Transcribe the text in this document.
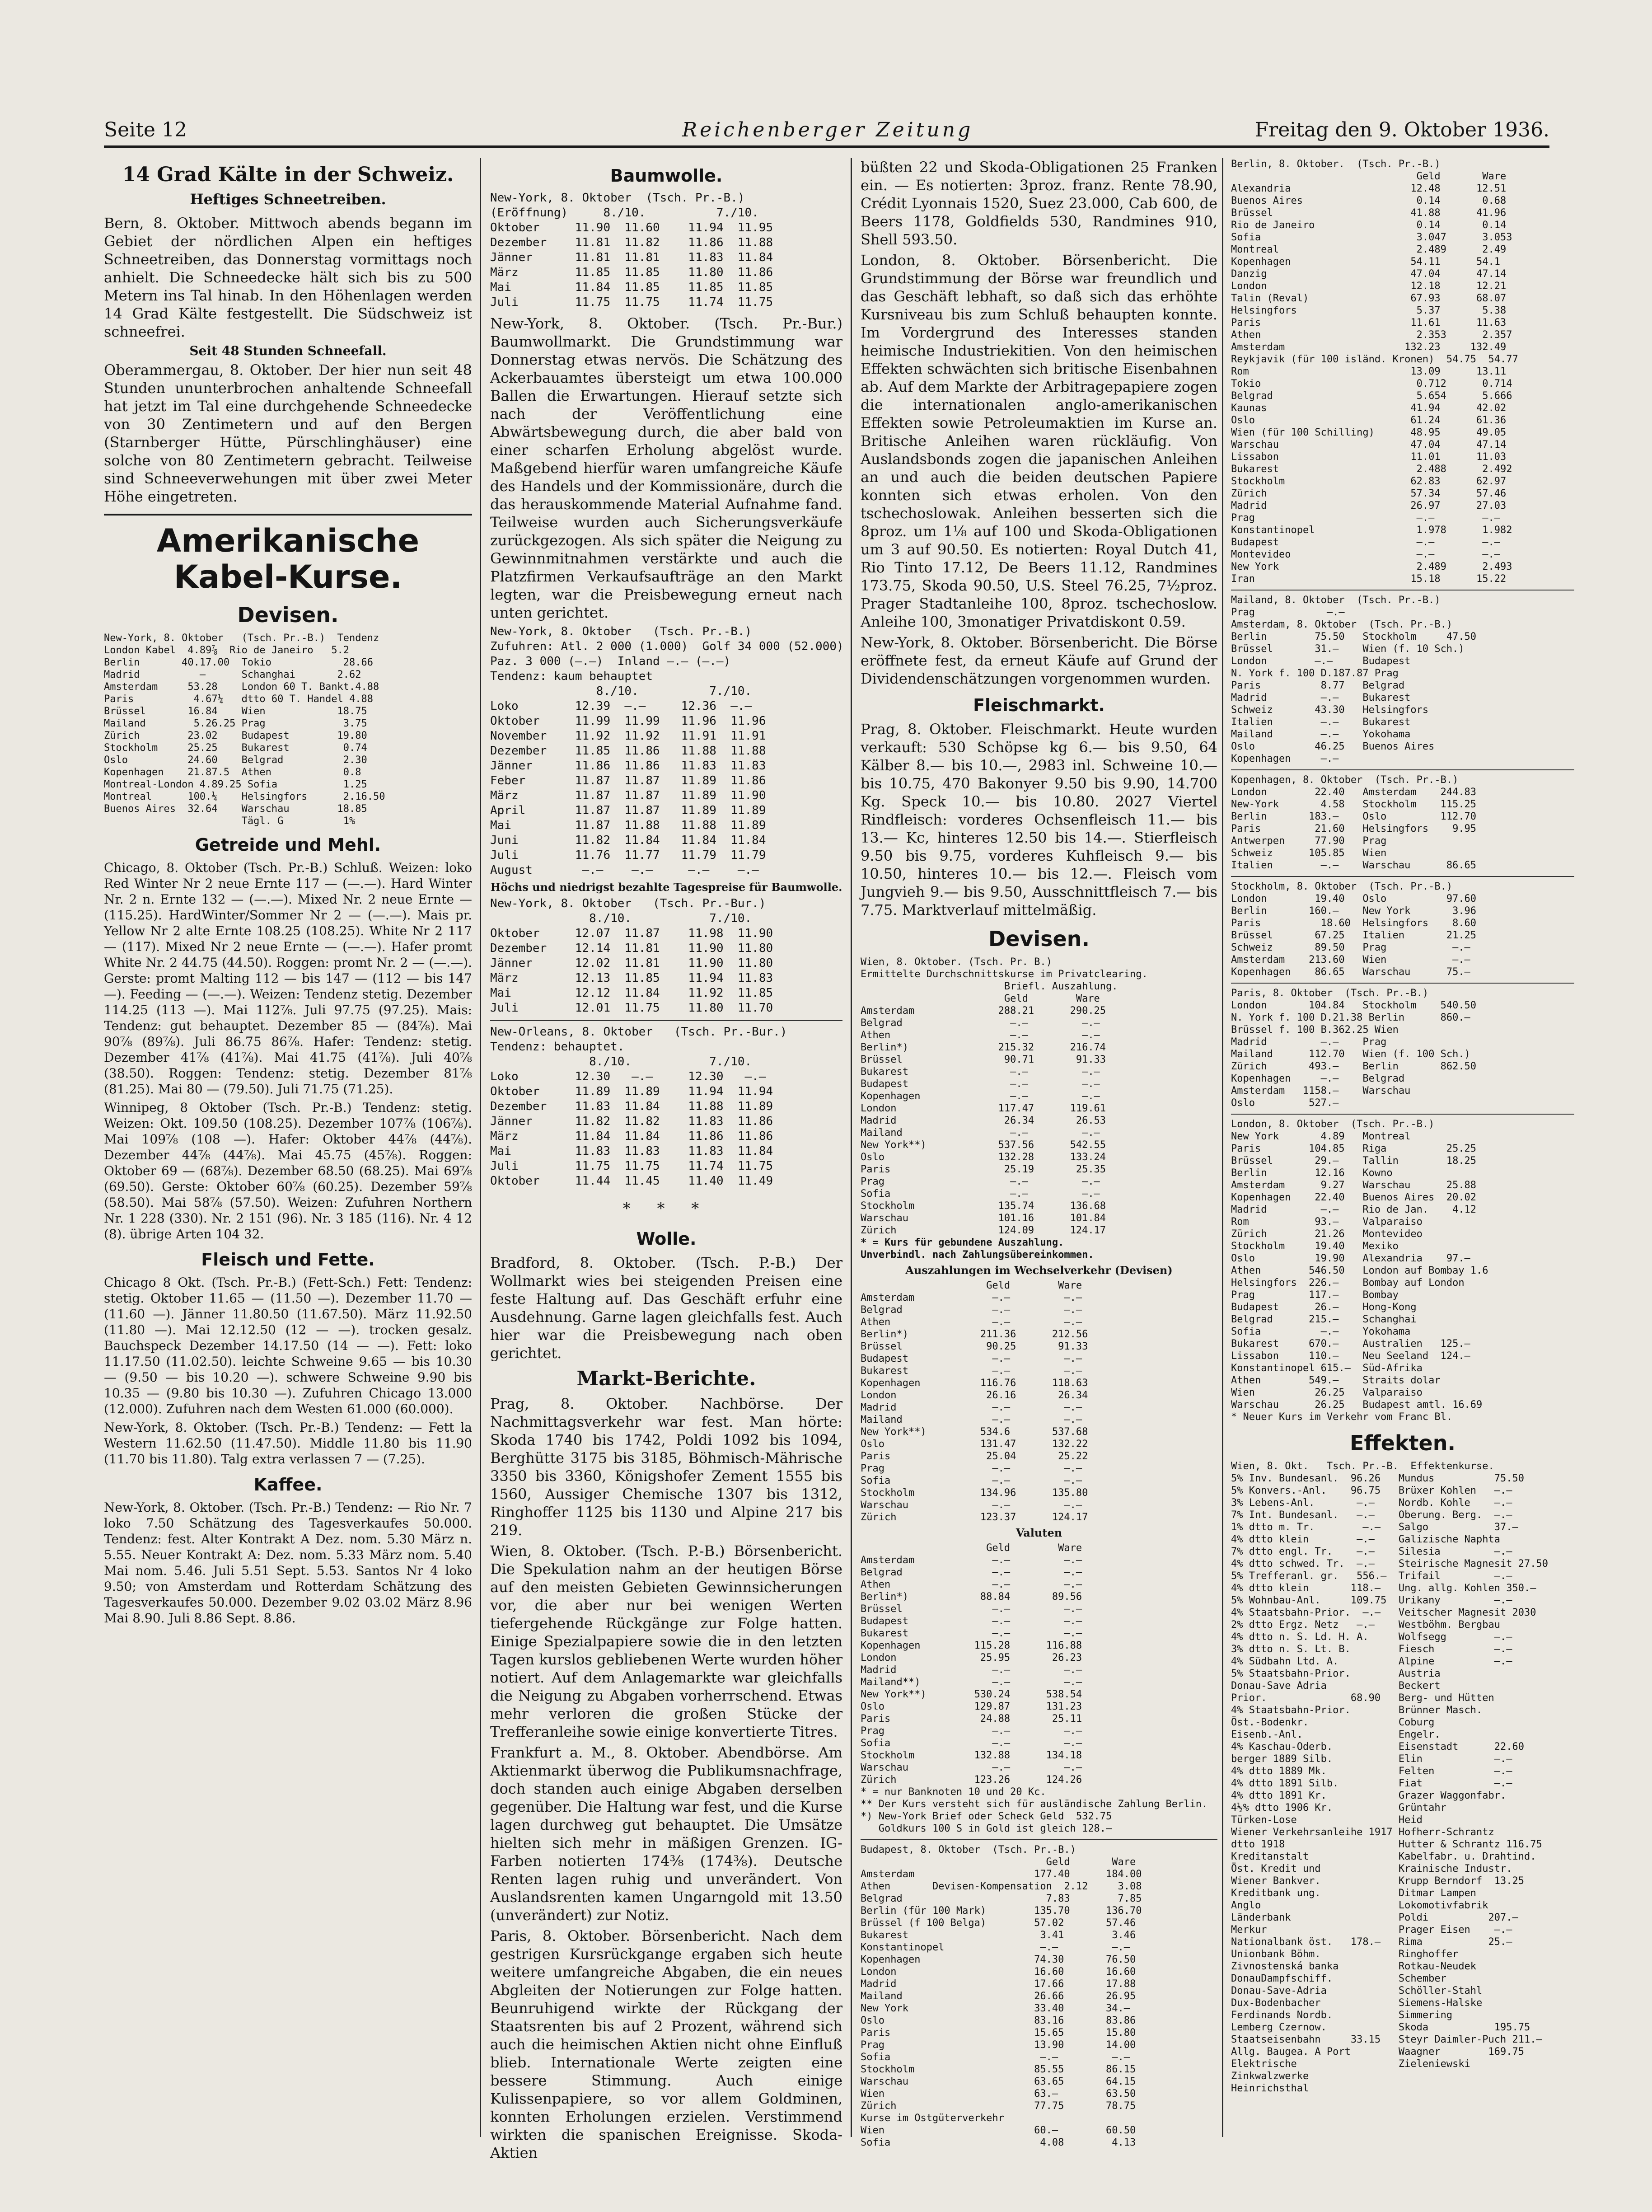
Seite 12	Reichenberger Zeitung	Freitag den 9. Oktober 1936.
14 Grad Kälte in der Schweiz.
Heftiges Schneetreiben.

Bern, 8. Oktober. Mittwoch abends begann im Gebiet der nördlichen Alpen ein heftiges Schneetreiben, das Donnerstag vormittags noch anhielt. Die Schneedecke hält sich bis zu 500 Metern ins Tal hinab. In den Höhenlagen werden 14 Grad Kälte festgestellt. Die Südschweiz ist schneefrei.

Seit 48 Stunden Schneefall.

Oberammergau, 8. Oktober. Der hier nun seit 48 Stunden ununterbrochen anhaltende Schneefall hat jetzt im Tal eine durchgehende Schneedecke von 30 Zentimetern und auf den Bergen (Starnberger Hütte, Pürschlinghäuser) eine solche von 80 Zentimetern gebracht. Teilweise sind Schneeverwehungen mit über zwei Meter Höhe eingetreten.

Amerikanische Kabel-Kurse.
Devisen.
New-York, 8. Oktober   (Tsch. Pr.-B.)  Tendenz
London Kabel  4.89⅞  Rio de Janeiro   5.2
Berlin       40.17.00  Tokio            28.66
Madrid          —      Schanghai       2.62
Amsterdam     53.28    London 60 T. Bankt.4.88
Paris          4.67¼   dtto 60 T. Handel 4.88
Brüssel       16.84    Wien            18.75
Mailand        5.26.25 Prag             3.75
Zürich        23.02    Budapest        19.80
Stockholm     25.25    Bukarest         0.74
Oslo          24.60    Belgrad          2.30
Kopenhagen    21.87.5  Athen            0.8
Montreal-London 4.89.25 Sofia           1.25
Montreal      100.¼    Helsingfors      2.16.50
Buenos Aires  32.64    Warschau        18.85
Tägl. G          1%
Getreide und Mehl.

Chicago, 8. Oktober (Tsch. Pr.-B.) Schluß. Weizen: loko Red Winter Nr 2 neue Ernte 117 — (—.—). Hard Winter Nr. 2 n. Ernte 132 — (—.—). Mixed Nr. 2 neue Ernte — (115.25). HardWinter/Sommer Nr 2 — (—.—). Mais pr. Yellow Nr 2 alte Ernte 108.25 (108.25). White Nr 2 117 — (117). Mixed Nr 2 neue Ernte — (—.—). Hafer promt White Nr. 2 44.75 (44.50). Roggen: promt Nr. 2 — (—.—). Gerste: promt Malting 112 — bis 147 — (112 — bis 147 —). Feeding — (—.—). Weizen: Tendenz stetig. Dezember 114.25 (113 —). Mai 112⅞. Juli 97.75 (97.25). Mais: Tendenz: gut behauptet. Dezember 85 — (84⅞). Mai 90⅞ (89⅞). Juli 86.75 86⅞. Hafer: Tendenz: stetig. Dezember 41⅞ (41⅞). Mai 41.75 (41⅞). Juli 40⅞ (38.50). Roggen: Tendenz: stetig. Dezember 81⅞ (81.25). Mai 80 — (79.50). Juli 71.75 (71.25).

Winnipeg, 8 Oktober (Tsch. Pr.-B.) Tendenz: stetig. Weizen: Okt. 109.50 (108.25). Dezember 107⅞ (106⅞). Mai 109⅞ (108 —). Hafer: Oktober 44⅞ (44⅞). Dezember 44⅞ (44⅞). Mai 45.75 (45⅞). Roggen: Oktober 69 — (68⅞). Dezember 68.50 (68.25). Mai 69⅞ (69.50). Gerste: Oktober 60⅞ (60.25). Dezember 59⅞ (58.50). Mai 58⅞ (57.50). Weizen: Zufuhren Northern Nr. 1 228 (330). Nr. 2 151 (96). Nr. 3 185 (116). Nr. 4 12 (8). übrige Arten 104 32.

Fleisch und Fette.

Chicago 8 Okt. (Tsch. Pr.-B.) (Fett-Sch.) Fett: Tendenz: stetig. Oktober 11.65 — (11.50 —). Dezember 11.70 — (11.60 —). Jänner 11.80.50 (11.67.50). März 11.92.50 (11.80 —). Mai 12.12.50 (12 — —). trocken gesalz. Bauchspeck Dezember 14.17.50 (14 — —). Fett: loko 11.17.50 (11.02.50). leichte Schweine 9.65 — bis 10.30 — (9.50 — bis 10.20 —). schwere Schweine 9.90 bis 10.35 — (9.80 bis 10.30 —). Zufuhren Chicago 13.000 (12.000). Zufuhren nach dem Westen 61.000 (60.000).

New-York, 8. Oktober. (Tsch. Pr.-B.) Tendenz: — Fett la Western 11.62.50 (11.47.50). Middle 11.80 bis 11.90 (11.70 bis 11.80). Talg extra verlassen 7 — (7.25).

Kaffee.

New-York, 8. Oktober. (Tsch. Pr.-B.) Tendenz: — Rio Nr. 7 loko 7.50 Schätzung des Tagesverkaufes 50.000. Tendenz: fest. Alter Kontrakt A Dez. nom. 5.30 März n. 5.55. Neuer Kontrakt A: Dez. nom. 5.33 März nom. 5.40 Mai nom. 5.46. Juli 5.51 Sept. 5.53. Santos Nr 4 loko 9.50; von Amsterdam und Rotterdam Schätzung des Tagesverkaufes 50.000. Dezember 9.02 03.02 März 8.96 Mai 8.90. Juli 8.86 Sept. 8.86.

Baumwolle.
New-York, 8. Oktober  (Tsch. Pr.-B.)
(Eröffnung)     8./10.          7./10.
Oktober     11.90  11.60    11.94  11.95
Dezember    11.81  11.82    11.86  11.88
Jänner      11.81  11.81    11.83  11.84
März        11.85  11.85    11.80  11.86
Mai         11.84  11.85    11.85  11.85
Juli        11.75  11.75    11.74  11.75

New-York, 8. Oktober. (Tsch. Pr.-Bur.) Baumwollmarkt. Die Grundstimmung war Donnerstag etwas nervös. Die Schätzung des Ackerbauamtes übersteigt um etwa 100.000 Ballen die Erwartungen. Hierauf setzte sich nach der Veröffentlichung eine Abwärtsbewegung durch, die aber bald von einer scharfen Erholung abgelöst wurde. Maßgebend hierfür waren umfangreiche Käufe des Handels und der Kommissionäre, durch die das herauskommende Material Aufnahme fand. Teilweise wurden auch Sicherungsverkäufe zurückgezogen. Als sich später die Neigung zu Gewinnmitnahmen verstärkte und auch die Platzfirmen Verkaufsaufträge an den Markt legten, war die Preisbewegung erneut nach unten gerichtet.

New-York, 8. Oktober   (Tsch. Pr.-B.)
Zufuhren: Atl. 2 000 (1.000)  Golf 34 000 (52.000)
Paz. 3 000 (—.—)  Inland —.— (—.—)
Tendenz: kaum behauptet
8./10.          7./10.
Loko        12.39  —.—     12.36  —.—
Oktober     11.99  11.99   11.96  11.96
November    11.92  11.92   11.91  11.91
Dezember    11.85  11.86   11.88  11.88
Jänner      11.86  11.86   11.83  11.83
Feber       11.87  11.87   11.89  11.86
März        11.87  11.87   11.89  11.90
April       11.87  11.87   11.89  11.89
Mai         11.87  11.88   11.88  11.89
Juni        11.82  11.84   11.84  11.84
Juli        11.76  11.77   11.79  11.79
August       —.—    —.—     —.—    —.—
Höchs und niedrigst bezahlte Tagespreise für Baumwolle.
New-York, 8. Oktober   (Tsch. Pr.-Bur.)
8./10.           7./10.
Oktober     12.07  11.87    11.98  11.90
Dezember    12.14  11.81    11.90  11.80
Jänner      12.02  11.81    11.90  11.80
März        12.13  11.85    11.94  11.83
Mai         12.12  11.84    11.92  11.85
Juli        12.01  11.75    11.80  11.70
New-Orleans, 8. Oktober   (Tsch. Pr.-Bur.)
Tendenz: behauptet.
8./10.           7./10.
Loko        12.30   —.—     12.30   —.—
Oktober     11.89  11.89    11.94  11.94
Dezember    11.83  11.84    11.88  11.89
Jänner      11.82  11.82    11.83  11.86
März        11.84  11.84    11.86  11.86
Mai         11.83  11.83    11.83  11.84
Juli        11.75  11.75    11.74  11.75
Oktober     11.44  11.45    11.40  11.49
* * *
Wolle.

Bradford, 8. Oktober. (Tsch. P.-B.) Der Wollmarkt wies bei steigenden Preisen eine feste Haltung auf. Das Geschäft erfuhr eine Ausdehnung. Garne lagen gleichfalls fest. Auch hier war die Preisbewegung nach oben gerichtet.

Markt-Berichte.

Prag, 8. Oktober. Nachbörse. Der Nachmittagsverkehr war fest. Man hörte: Skoda 1740 bis 1742, Poldi 1092 bis 1094, Berghütte 3175 bis 3185, Böhmisch-Mährische 3350 bis 3360, Königshofer Zement 1555 bis 1560, Aussiger Chemische 1307 bis 1312, Ringhoffer 1125 bis 1130 und Alpine 217 bis 219.

Wien, 8. Oktober. (Tsch. P.-B.) Börsenbericht. Die Spekulation nahm an der heutigen Börse auf den meisten Gebieten Gewinnsicherungen vor, die aber nur bei wenigen Werten tiefergehende Rückgänge zur Folge hatten. Einige Spezialpapiere sowie die in den letzten Tagen kurslos gebliebenen Werte wurden höher notiert. Auf dem Anlagemarkte war gleichfalls die Neigung zu Abgaben vorherrschend. Etwas mehr verloren die großen Stücke der Trefferanleihe sowie einige konvertierte Titres.

Frankfurt a. M., 8. Oktober. Abendbörse. Am Aktienmarkt überwog die Publikumsnachfrage, doch standen auch einige Abgaben derselben gegenüber. Die Haltung war fest, und die Kurse lagen durchweg gut behauptet. Die Umsätze hielten sich mehr in mäßigen Grenzen. IG-Farben notierten 174⅜ (174⅜). Deutsche Renten lagen ruhig und unverändert. Von Auslandsrenten kamen Ungarngold mit 13.50 (unverändert) zur Notiz.

Paris, 8. Oktober. Börsenbericht. Nach dem gestrigen Kursrückgange ergaben sich heute weitere umfangreiche Abgaben, die ein neues Abgleiten der Notierungen zur Folge hatten. Beunruhigend wirkte der Rückgang der Staatsrenten bis auf 2 Prozent, während sich auch die heimischen Aktien nicht ohne Einfluß blieb. Internationale Werte zeigten eine bessere Stimmung. Auch einige Kulissenpapiere, so vor allem Goldminen, konnten Erholungen erzielen. Verstimmend wirkten die spanischen Ereignisse. Skoda-Aktien

büßten 22 und Skoda-Obligationen 25 Franken ein. — Es notierten: 3proz. franz. Rente 78.90, Crédit Lyonnais 1520, Suez 23.000, Cab 600, de Beers 1178, Goldfields 530, Randmines 910, Shell 593.50.

London, 8. Oktober. Börsenbericht. Die Grundstimmung der Börse war freundlich und das Geschäft lebhaft, so daß sich das erhöhte Kursniveau bis zum Schluß behaupten konnte. Im Vordergrund des Interesses standen heimische Industriekitien. Von den heimischen Effekten schwächten sich britische Eisenbahnen ab. Auf dem Markte der Arbitragepapiere zogen die internationalen anglo-amerikanischen Effekten sowie Petroleumaktien im Kurse an. Britische Anleihen waren rückläufig. Von Auslandsbonds zogen die japanischen Anleihen an und auch die beiden deutschen Papiere konnten sich etwas erholen. Von den tschechoslowak. Anleihen besserten sich die 8proz. um 1⅛ auf 100 und Skoda-Obligationen um 3 auf 90.50. Es notierten: Royal Dutch 41, Rio Tinto 17.12, De Beers 11.12, Randmines 173.75, Skoda 90.50, U.S. Steel 76.25, 7½proz. Prager Stadtanleihe 100, 8proz. tschechoslow. Anleihe 100, 3monatiger Privatdiskont 0.59.

New-York, 8. Oktober. Börsenbericht. Die Börse eröffnete fest, da erneut Käufe auf Grund der Dividendenschätzungen vorgenommen wurden.

Fleischmarkt.

Prag, 8. Oktober. Fleischmarkt. Heute wurden verkauft: 530 Schöpse kg 6.— bis 9.50, 64 Kälber 8.— bis 10.—, 2983 inl. Schweine 10.— bis 10.75, 470 Bakonyer 9.50 bis 9.90, 14.700 Kg. Speck 10.— bis 10.80. 2027 Viertel Rindfleisch: vorderes Ochsenfleisch 11.— bis 13.— Kc, hinteres 12.50 bis 14.—. Stierfleisch 9.50 bis 9.75, vorderes Kuhfleisch 9.— bis 10.50, hinteres 10.— bis 12.—. Fleisch vom Jungvieh 9.— bis 9.50, Ausschnittfleisch 7.— bis 7.75. Marktverlauf mittelmäßig.

Devisen.
Wien, 8. Oktober. (Tsch. Pr. B.)
Ermittelte Durchschnittskurse im Privatclearing.
Briefl. Auszahlung.
Geld        Ware
Amsterdam              288.21      290.25
Belgrad                  —.—         —.—
Athen                    —.—         —.—
Berlin*)               215.32      216.74
Brüssel                 90.71       91.33
Bukarest                 —.—         —.—
Budapest                 —.—         —.—
Kopenhagen               —.—         —.—
London                 117.47      119.61
Madrid                  26.34       26.53
Mailand                  —.—         —.—
New York**)            537.56      542.55
Oslo                   132.28      133.24
Paris                   25.19       25.35
Prag                     —.—         —.—
Sofia                    —.—         —.—
Stockholm              135.74      136.68
Warschau               101.16      101.84
Zürich                 124.09      124.17
* = Kurs für gebundene Auszahlung.
Unverbindl. nach Zahlungsübereinkommen.
Auszahlungen im Wechselverkehr (Devisen)
Geld        Ware
Amsterdam             —.—         —.—
Belgrad               —.—         —.—
Athen                 —.—         —.—
Berlin*)            211.36      212.56
Brüssel              90.25       91.33
Budapest              —.—         —.—
Bukarest              —.—         —.—
Kopenhagen          116.76      118.63
London               26.16       26.34
Madrid                —.—         —.—
Mailand               —.—         —.—
New York**)         534.6       537.68
Oslo                131.47      132.22
Paris                25.04       25.22
Prag                  —.—         —.—
Sofia                 —.—         —.—
Stockholm           134.96      135.80
Warschau              —.—         —.—
Zürich              123.37      124.17
Valuten
Geld        Ware
Amsterdam             —.—         —.—
Belgrad               —.—         —.—
Athen                 —.—         —.—
Berlin*)            88.84       89.56
Brüssel               —.—         —.—
Budapest              —.—         —.—
Bukarest              —.—         —.—
Kopenhagen         115.28      116.88
London              25.95       26.23
Madrid                —.—         —.—
Mailand**)            —.—         —.—
New York**)        530.24      538.54
Oslo               129.87      131.23
Paris               24.88       25.11
Prag                  —.—         —.—
Sofia                 —.—         —.—
Stockholm          132.88      134.18
Warschau              —.—         —.—
Zürich             123.26      124.26
* = nur Banknoten 10 und 20 Kc.
** Der Kurs versteht sich für ausländische Zahlung Berlin.
*) New-York Brief oder Scheck Geld  532.75
Goldkurs 100 S in Gold ist gleich 128.—
Budapest, 8. Oktober  (Tsch. Pr.-B.)
Geld       Ware
Amsterdam                    177.40      184.00
Athen       Devisen-Kompensation  2.12     3.08
Belgrad                        7.83        7.85
Berlin (für 100 Mark)        135.70      136.70
Brüssel (f 100 Belga)        57.02       57.46
Bukarest                      3.41        3.46
Konstantinopel                —.—         —.—
Kopenhagen                   74.30       76.50
London                       16.60       16.60
Madrid                       17.66       17.88
Mailand                      26.66       26.95
New York                     33.40       34.—
Oslo                         83.16       83.86
Paris                        15.65       15.80
Prag                         13.90       14.00
Sofia                         —.—         —.—
Stockholm                    85.55       86.15
Warschau                     63.65       64.15
Wien                         63.—        63.50
Zürich                       77.75       78.75
Kurse im Ostgüterverkehr
Wien                         60.—        60.50
Sofia                         4.08        4.13
Berlin, 8. Oktober.  (Tsch. Pr.-B.)
Geld       Ware
Alexandria                    12.48      12.51
Buenos Aires                   0.14       0.68
Brüssel                       41.88      41.96
Rio de Janeiro                 0.14       0.14
Sofia                          3.047      3.053
Montreal                       2.489      2.49
Kopenhagen                    54.11      54.1
Danzig                        47.04      47.14
London                        12.18      12.21
Talin (Reval)                 67.93      68.07
Helsingfors                    5.37       5.38
Paris                         11.61      11.63
Athen                          2.353      2.357
Amsterdam                    132.23     132.49
Reykjavik (für 100 isländ. Kronen)  54.75  54.77
Rom                           13.09      13.11
Tokio                          0.712      0.714
Belgrad                        5.654      5.666
Kaunas                        41.94      42.02
Oslo                          61.24      61.36
Wien (für 100 Schilling)      48.95      49.05
Warschau                      47.04      47.14
Lissabon                      11.01      11.03
Bukarest                       2.488      2.492
Stockholm                     62.83      62.97
Zürich                        57.34      57.46
Madrid                        26.97      27.03
Prag                           —.—        —.—
Konstantinopel                 1.978      1.982
Budapest                       —.—        —.—
Montevideo                     —.—        —.—
New York                       2.489      2.493
Iran                          15.18      15.22
Mailand, 8. Oktober  (Tsch. Pr.-B.)
Prag            —.—
Amsterdam, 8. Oktober  (Tsch. Pr.-B.)
Berlin        75.50   Stockholm     47.50
Brüssel       31.—    Wien (f. 10 Sch.)
London        —.—     Budapest
N. York f. 100 D.187.87 Prag
Paris          8.77   Belgrad
Madrid         —.—    Bukarest
Schweiz       43.30   Helsingfors
Italien        —.—    Bukarest
Mailand        —.—    Yokohama
Oslo          46.25   Buenos Aires
Kopenhagen     —.—
Kopenhagen, 8. Oktober  (Tsch. Pr.-B.)
London        22.40   Amsterdam    244.83
New-York       4.58   Stockholm    115.25
Berlin       183.—    Oslo         112.70
Paris         21.60   Helsingfors    9.95
Antwerpen     77.90   Prag
Schweiz      105.85   Wien
Italien        —.—    Warschau      86.65
Stockholm, 8. Oktober  (Tsch. Pr.-B.)
London        19.40   Oslo          97.60
Berlin       160.—    New York       3.96
Paris          18.60  Helsingfors    8.60
Brüssel       67.25   Italien       21.25
Schweiz       89.50   Prag           —.—
Amsterdam    213.60   Wien           —.—
Kopenhagen    86.65   Warschau      75.—
Paris, 8. Oktober  (Tsch. Pr.-B.)
London       104.84   Stockholm    540.50
N. York f. 100 D.21.38 Berlin      860.—
Brüssel f. 100 B.362.25 Wien
Madrid         —.—    Prag
Mailand      112.70   Wien (f. 100 Sch.)
Zürich       493.—    Berlin       862.50
Kopenhagen     —.—    Belgrad
Amsterdam   1158.—    Warschau
Oslo         527.—
London, 8. Oktober  (Tsch. Pr.-B.)
New York       4.89   Montreal
Paris        104.85   Riga          25.25
Brüssel       29.—    Tallin        18.25
Berlin        12.16   Kowno
Amsterdam      9.27   Warschau      25.88
Kopenhagen    22.40   Buenos Aires  20.02
Madrid         —.—    Rio de Jan.    4.12
Rom           93.—    Valparaiso
Zürich        21.26   Montevideo
Stockholm     19.40   Mexiko
Oslo          19.90   Alexandria    97.—
Athen        546.50   London auf Bombay 1.6
Helsingfors  226.—    Bombay auf London
Prag         117.—    Bombay
Budapest      26.—    Hong-Kong
Belgrad      215.—    Schanghai
Sofia          —.—    Yokohama
Bukarest     670.—    Australien   125.—
Lissabon     110.—    Neu Seeland  124.—
Konstantinopel 615.—  Süd-Afrika
Athen        549.—    Straits dolar
Wien          26.25   Valparaiso
Warschau      26.25   Budapest amtl. 16.69
* Neuer Kurs im Verkehr vom Franc Bl.
Effekten.
Wien, 8. Okt.   Tsch. Pr.-B.  Effektenkurse.
5% Inv. Bundesanl.  96.26   Mundus          75.50
5% Konvers.-Anl.    96.75   Brüxer Kohlen   —.—
3% Lebens-Anl.       —.—    Nordb. Kohle    —.—
7% Int. Bundesanl.   —.—    Oberung. Berg.  —.—
1% dtto m. Tr.        —.—   Salgo           37.—
4% dtto klein        —.—    Galizische Naphta
7% dtto engl. Tr.    —.—    Silesia         —.—
4% dtto schwed. Tr.  —.—    Steirische Magnesit 27.50
5% Trefferanl. gr.   556.—  Trifail         —.—
4% dtto klein       118.—   Ung. allg. Kohlen 350.—
5% Wohnbau-Anl.     109.75  Urikany         —.—
4% Staatsbahn-Prior.  —.—   Veitscher Magnesit 2030
2% dtto Ergz. Netz   —.—    Westböhm. Bergbau
4% dtto n. S. Ld. H. A.     Wolfsegg        —.—
3% dtto n. S. Lt. B.        Fiesch          —.—
4% Südbahn Ltd. A.          Alpine          —.—
5% Staatsbahn-Prior.        Austria
Donau-Save Adria            Beckert
Prior.              68.90   Berg- und Hütten
4% Staatsbahn-Prior.        Brünner Masch.
Öst.-Bodenkr.               Coburg
Eisenb.-Anl.                Engelr.
4% Kaschau-Oderb.           Eisenstadt      22.60
berger 1889 Silb.           Elin            —.—
4% dtto 1889 Mk.            Felten          —.—
4% dtto 1891 Silb.          Fiat            —.—
4% dtto 1891 Kr.            Grazer Waggonfabr.
4½% dtto 1906 Kr.           Grüntahr
Türken-Lose                 Heid
Wiener Verkehrsanleihe 1917 Hofherr-Schrantz
dtto 1918                   Hutter & Schrantz 116.75
Kreditanstalt               Kabelfabr. u. Drahtind.
Öst. Kredit und             Krainische Industr.
Wiener Bankver.             Krupp Berndorf  13.25
Kreditbank ung.             Ditmar Lampen
Anglo                       Lokomotivfabrik
Länderbank                  Poldi          207.—
Merkur                      Prager Eisen    —.—
Nationalbank öst.   178.—   Rima           25.—
Unionbank Böhm.             Ringhoffer
Zivnostenská banka          Rotkau-Neudek
DonauDampfschiff.           Schember
Donau-Save-Adria            Schöller-Stahl
Dux-Bodenbacher             Siemens-Halske
Ferdinands Nordb.           Simmering
Lemberg Czernow.            Skoda           195.75
Staatseisenbahn     33.15   Steyr Daimler-Puch 211.—
Allg. Baugea. A Port        Waagner        169.75
Elektrische                 Zieleniewski
Zinkwalzwerke
Heinrichsthal
